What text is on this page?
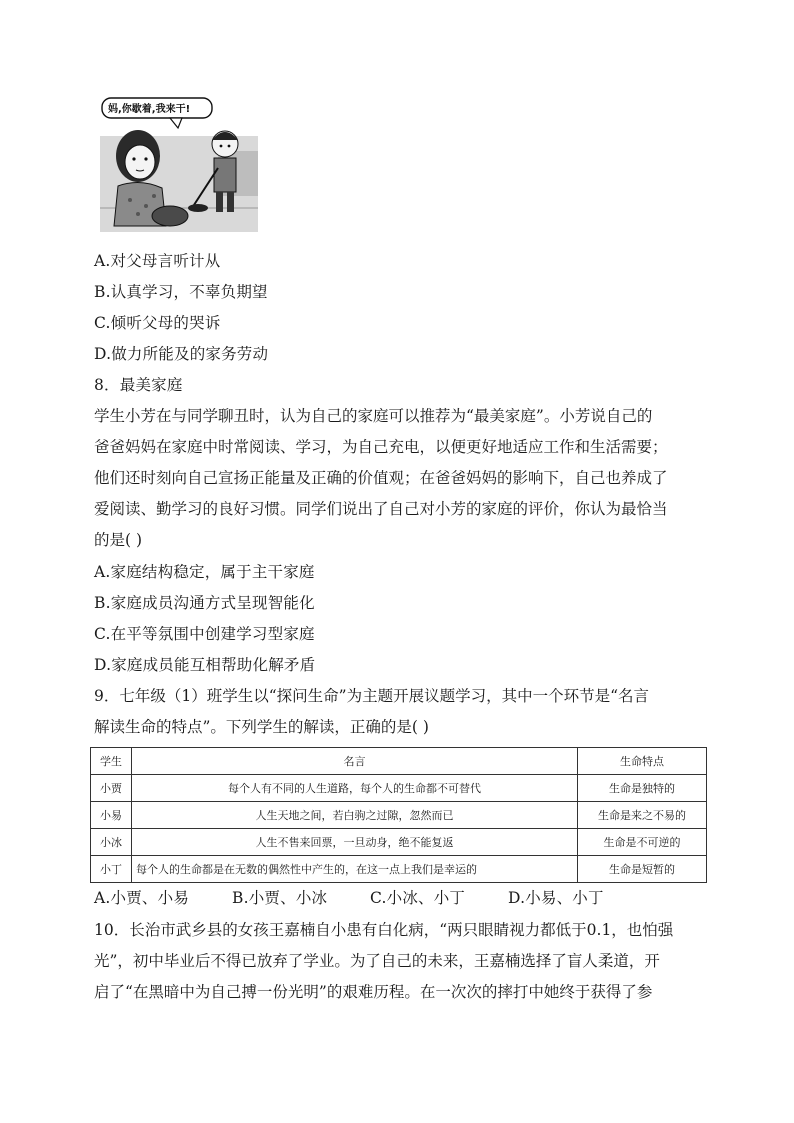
妈,你歇着,我来干!
A.对父母言听计从
B.认真学习，不辜负期望
C.倾听父母的哭诉
D.做力所能及的家务劳动
8．最美家庭
学生小芳在与同学聊丑时，认为自己的家庭可以推荐为“最美家庭”。小芳说自己的
爸爸妈妈在家庭中时常阅读、学习，为自己充电，以便更好地适应工作和生活需要；
他们还时刻向自己宣扬正能量及正确的价值观；在爸爸妈妈的影响下，自己也养成了
爱阅读、勤学习的良好习惯。同学们说出了自己对小芳的家庭的评价，你认为最恰当
的是( )
A.家庭结构稳定，属于主干家庭
B.家庭成员沟通方式呈现智能化
C.在平等氛围中创建学习型家庭
D.家庭成员能互相帮助化解矛盾
9．七年级（1）班学生以“探问生命”为主题开展议题学习，其中一个环节是“名言
解读生命的特点”。下列学生的解读，正确的是( )
学生	名言	生命特点
小贾	每个人有不同的人生道路，每个人的生命都不可替代	生命是独特的
小易	人生天地之间，若白驹之过隙，忽然而已	生命是来之不易的
小冰	人生不售来回票，一旦动身，绝不能复返	生命是不可逆的
小丁	每个人的生命都是在无数的偶然性中产生的，在这一点上我们是幸运的	生命是短暂的
A.小贾、小易	B.小贾、小冰	C.小冰、小丁	D.小易、小丁
10．长治市武乡县的女孩王嘉楠自小患有白化病，“两只眼睛视力都低于0.1，也怕强
光”，初中毕业后不得已放弃了学业。为了自己的未来，王嘉楠选择了盲人柔道，开
启了“在黑暗中为自己搏一份光明”的艰难历程。在一次次的摔打中她终于获得了参
